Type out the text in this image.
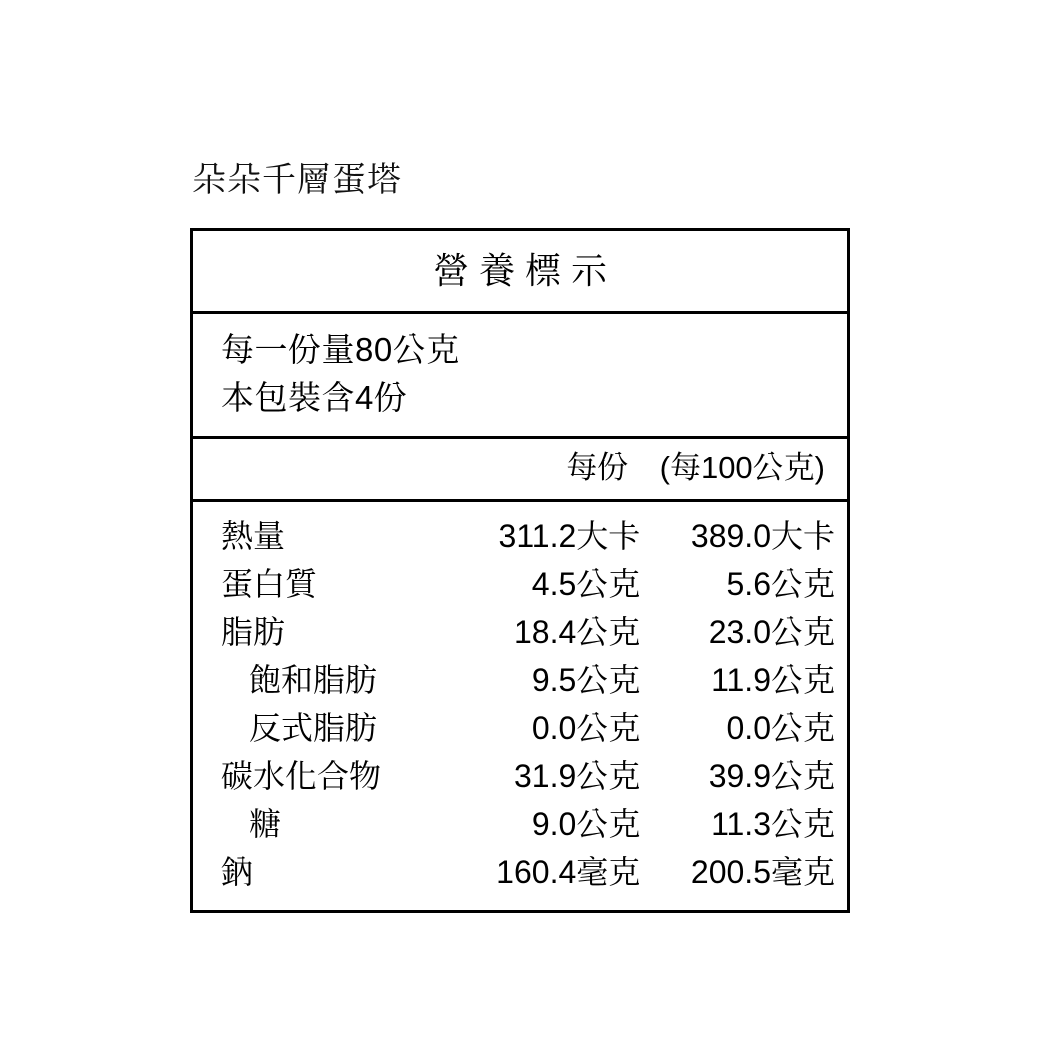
朵朵千層蛋塔
營養標示
每一份量80公克
本包裝含4份
每份 (每100公克)
熱量	311.2大卡	389.0大卡
蛋白質	4.5公克	5.6公克
脂肪	18.4公克	23.0公克
飽和脂肪	9.5公克	11.9公克
反式脂肪	0.0公克	0.0公克
碳水化合物	31.9公克	39.9公克
糖	9.0公克	11.3公克
鈉	160.4毫克	200.5毫克
